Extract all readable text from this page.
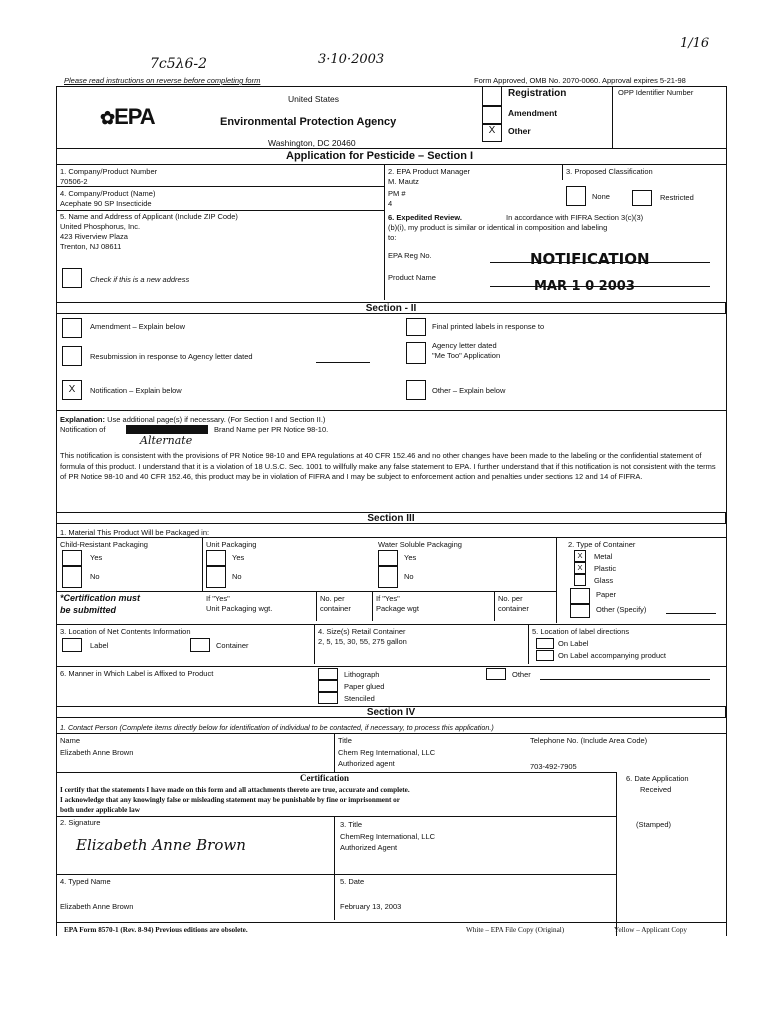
7c5λ6-2	3·10·2003
1/16
Please read instructions on reverse before completing form	Form Approved, OMB No. 2070-0060. Approval expires 5-21-98
✿EPA
United States
Environmental Protection Agency
Washington, DC 20460
Registration
Amendment
X	Other
OPP Identifier Number
Application for Pesticide – Section I
1. Company/Product Number
70506-2
2. EPA Product Manager
M. Mautz
3. Proposed Classification
4. Company/Product (Name)
Acephate 90 SP Insecticide
PM #
4
None	Restricted
5. Name and Address of Applicant (Include ZIP Code)
United Phosphorus, Inc.
423 Riverview Plaza
Trenton, NJ 08611
Check if this is a new address
6. Expedited Review.	In accordance with FIFRA Section 3(c)(3)
(b)(i), my product is similar or identical in composition and labeling
to:
EPA Reg No.	NOTIFICATION
Product Name
MAR 1 0 2003
Section - II
Amendment – Explain below
Resubmission in response to Agency letter dated
X	Notification – Explain below
Final printed labels in response to
Agency letter dated
"Me Too" Application
Other – Explain below
Explanation: Use additional page(s) if necessary. (For Section I and Section II.)
Notification of	Brand Name per PR Notice 98-10.
Alternate
This notification is consistent with the provisions of PR Notice 98-10 and EPA regulations at 40 CFR 152.46 and no other changes have been made to the labeling or the confidential statement of formula of this product. I understand that it is a violation of 18 U.S.C. Sec. 1001 to willfully make any false statement to EPA. I further understand that if this notification is not consistent with the terms of PR Notice 98-10 and 40 CFR 152.46, this product may be in violation of FIFRA and I may be subject to enforcement action and penalties under sections 12 and 14 of FIFRA.
Section III
1. Material This Product Will be Packaged in:
Child-Resistant Packaging	Unit Packaging	Water Soluble Packaging
Yes
No
Yes
No
Yes
No
*Certification must
be submitted
If "Yes"
Unit Packaging wgt.
No. per
container
If "Yes"
Package wgt
No. per
container
2. Type of Container
X	Metal
X	Plastic
Glass
Paper
Other (Specify)
3. Location of Net Contents Information
Label	Container
4. Size(s) Retail Container
2, 5, 15, 30, 55, 275 gallon
5. Location of label directions
On Label
On Label accompanying product
6. Manner in Which Label is Affixed to Product	Lithograph
Paper glued
Stenciled
Other
Section IV
1. Contact Person (Complete items directly below for identification of individual to be contacted, if necessary, to process this application.)
Name
Elizabeth Anne Brown
Title
Chem Reg International, LLC
Authorized agent
Telephone No. (Include Area Code)
703-492-7905
Certification
I certify that the statements I have made on this form and all attachments thereto are true, accurate and complete.
I acknowledge that any knowingly false or misleading statement may be punishable by fine or imprisonment or
both under applicable law
6. Date Application
Received
(Stamped)
2. Signature
Elizabeth Anne Brown
3. Title
ChemReg International, LLC
Authorized Agent
4. Typed Name
Elizabeth Anne Brown
5. Date
February 13, 2003
EPA Form 8570-1 (Rev. 8-94) Previous editions are obsolete.	White – EPA File Copy (Original)	Yellow – Applicant Copy
